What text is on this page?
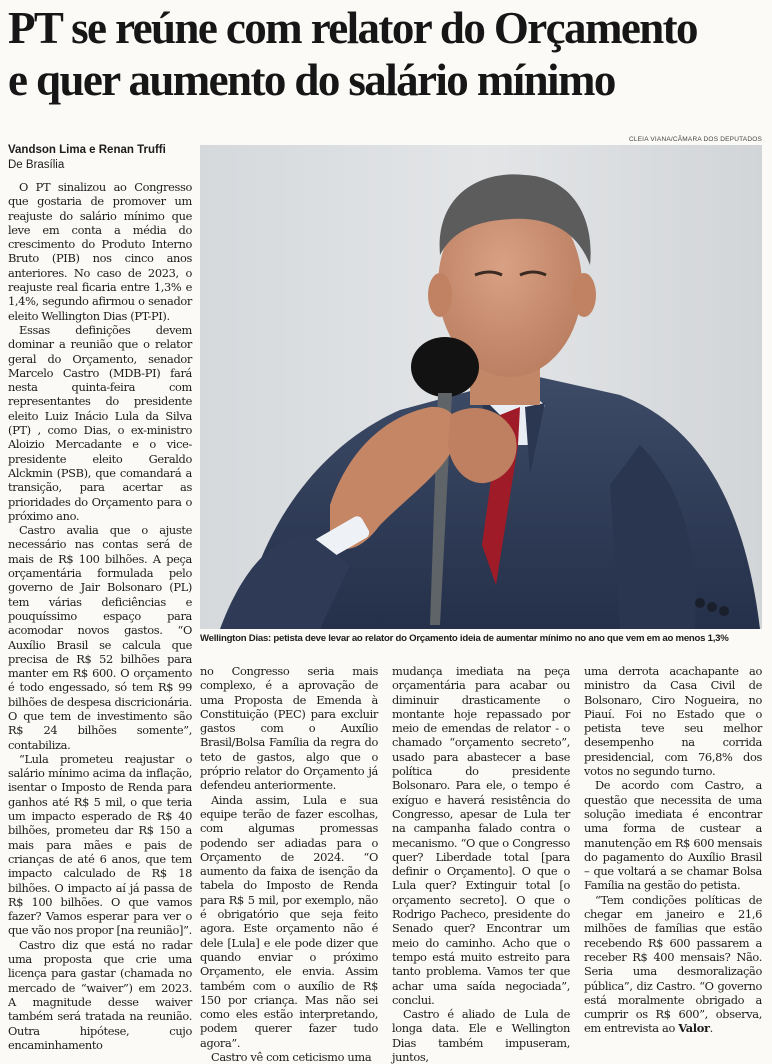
PT se reúne com relator do Orçamento
e quer aumento do salário mínimo
Vandson Lima e Renan Truffi
De Brasília
CLEIA VIANA/CÂMARA DOS DEPUTADOS
Wellington Dias: petista deve levar ao relator do Orçamento ideia de aumentar mínimo no ano que vem em ao menos 1,3%

O PT sinalizou ao Congresso que gostaria de promover um reajuste do salário mínimo que leve em conta a média do crescimento do Produto Interno Bruto (PIB) nos cinco anos anteriores. No caso de 2023, o reajuste real ficaria entre 1,3% e 1,4%, segundo afirmou o senador eleito Wellington Dias (PT-PI).

Essas definições devem dominar a reunião que o relator geral do Orçamento, senador Marcelo Castro (MDB-PI) fará nesta quinta-feira com representantes do presidente eleito Luiz Inácio Lula da Silva (PT) , como Dias, o ex-ministro Aloizio Mercadante e o vice-presidente eleito Geraldo Alckmin (PSB), que comandará a transição, para acertar as prioridades do Orçamento para o próximo ano.

Castro avalia que o ajuste necessário nas contas será de mais de R$ 100 bilhões. A peça orçamentária formulada pelo governo de Jair Bolsonaro (PL) tem várias deficiências e pouquíssimo espaço para acomodar novos gastos. “O Auxílio Brasil se calcula que precisa de R$ 52 bilhões para manter em R$ 600. O orçamento é todo engessado, só tem R$ 99 bilhões de despesa discricionária. O que tem de investimento são R$ 24 bilhões somente”, contabiliza.

“Lula prometeu reajustar o salário mínimo acima da inflação, isentar o Imposto de Renda para ganhos até R$ 5 mil, o que teria um impacto esperado de R$ 40 bilhões, prometeu dar R$ 150 a mais para mães e pais de crianças de até 6 anos, que tem impacto calculado de R$ 18 bilhões. O impacto aí já passa de R$ 100 bilhões. O que vamos fazer? Vamos esperar para ver o que vão nos propor [na reunião]”.

Castro diz que está no radar uma proposta que crie uma licença para gastar (chamada no mercado de “waiver”) em 2023. A magnitude desse waiver também será tratada na reunião. Outra hipótese, cujo encaminhamento

no Congresso seria mais complexo, é a aprovação de uma Proposta de Emenda à Constituição (PEC) para excluir gastos com o Auxílio Brasil/Bolsa Família da regra do teto de gastos, algo que o próprio relator do Orçamento já defendeu anteriormente.

Ainda assim, Lula e sua equipe terão de fazer escolhas, com algumas promessas podendo ser adiadas para o Orçamento de 2024. “O aumento da faixa de isenção da tabela do Imposto de Renda para R$ 5 mil, por exemplo, não é obrigatório que seja feito agora. Este orçamento não é dele [Lula] e ele pode dizer que quando enviar o próximo Orçamento, ele envia. Assim também com o auxílio de R$ 150 por criança. Mas não sei como eles estão interpretando, podem querer fazer tudo agora”.

Castro vê com ceticismo uma

mudança imediata na peça orçamentária para acabar ou diminuir drasticamente o montante hoje repassado por meio de emendas de relator - o chamado “orçamento secreto”, usado para abastecer a base política do presidente Bolsonaro. Para ele, o tempo é exíguo e haverá resistência do Congresso, apesar de Lula ter na campanha falado contra o mecanismo. “O que o Congresso quer? Liberdade total [para definir o Orçamento]. O que o Lula quer? Extinguir total [o orçamento secreto]. O que o Rodrigo Pacheco, presidente do Senado quer? Encontrar um meio do caminho. Acho que o tempo está muito estreito para tanto problema. Vamos ter que achar uma saída negociada”, conclui.

Castro é aliado de Lula de longa data. Ele e Wellington Dias também impuseram, juntos,

uma derrota acachapante ao ministro da Casa Civil de Bolsonaro, Ciro Nogueira, no Piauí. Foi no Estado que o petista teve seu melhor desempenho na corrida presidencial, com 76,8% dos votos no segundo turno.

De acordo com Castro, a questão que necessita de uma solução imediata é encontrar uma forma de custear a manutenção em R$ 600 mensais do pagamento do Auxílio Brasil – que voltará a se chamar Bolsa Família na gestão do petista.

“Tem condições políticas de chegar em janeiro e 21,6 milhões de famílias que estão recebendo R$ 600 passarem a receber R$ 400 mensais? Não. Seria uma desmoralização pública”, diz Castro. “O governo está moralmente obrigado a cumprir os R$ 600”, observa, em entrevista ao Valor.
